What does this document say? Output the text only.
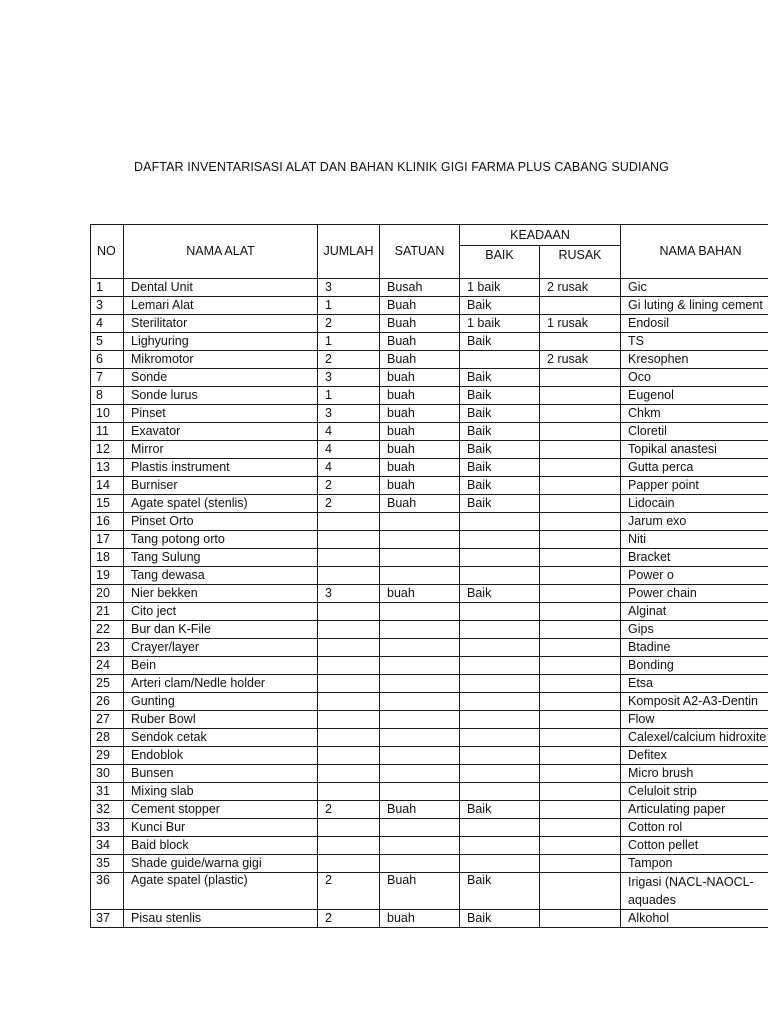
DAFTAR INVENTARISASI ALAT DAN BAHAN KLINIK GIGI FARMA PLUS CABANG SUDIANG
NO	NAMA ALAT	JUMLAH	SATUAN	KEADAAN		NAMA BAHAN
				BAIK	RUSAK	
1	Dental Unit	3	Busah	1 baik	2 rusak	Gic
3	Lemari Alat	1	Buah	Baik		Gi luting & lining cement
4	Sterilitator	2	Buah	1 baik	1 rusak	Endosil
5	Lighyuring	1	Buah	Baik		TS
6	Mikromotor	2	Buah		2 rusak	Kresophen
7	Sonde	3	buah	Baik		Oco
8	Sonde lurus	1	buah	Baik		Eugenol
10	Pinset	3	buah	Baik		Chkm
11	Exavator	4	buah	Baik		Cloretil
12	Mirror	4	buah	Baik		Topikal anastesi
13	Plastis instrument	4	buah	Baik		Gutta perca
14	Burniser	2	buah	Baik		Papper point
15	Agate spatel (stenlis)	2	Buah	Baik		Lidocain
16	Pinset Orto					Jarum exo
17	Tang potong orto					Niti
18	Tang Sulung					Bracket
19	Tang dewasa					Power o
20	Nier bekken	3	buah	Baik		Power chain
21	Cito ject					Alginat
22	Bur dan K-File					Gips
23	Crayer/layer					Btadine
24	Bein					Bonding
25	Arteri clam/Nedle holder					Etsa
26	Gunting					Komposit A2-A3-Dentin
27	Ruber Bowl					Flow
28	Sendok cetak					Calexel/calcium hidroxite
29	Endoblok					Defitex
30	Bunsen					Micro brush
31	Mixing slab					Celuloit strip
32	Cement stopper	2	Buah	Baik		Articulating paper
33	Kunci Bur					Cotton rol
34	Baid block					Cotton pellet
35	Shade guide/warna gigi					Tampon
36	Agate spatel (plastic)	2	Buah	Baik		Irigasi (NACL-NAOCL-aquades
37	Pisau stenlis	2	buah	Baik		Alkohol
